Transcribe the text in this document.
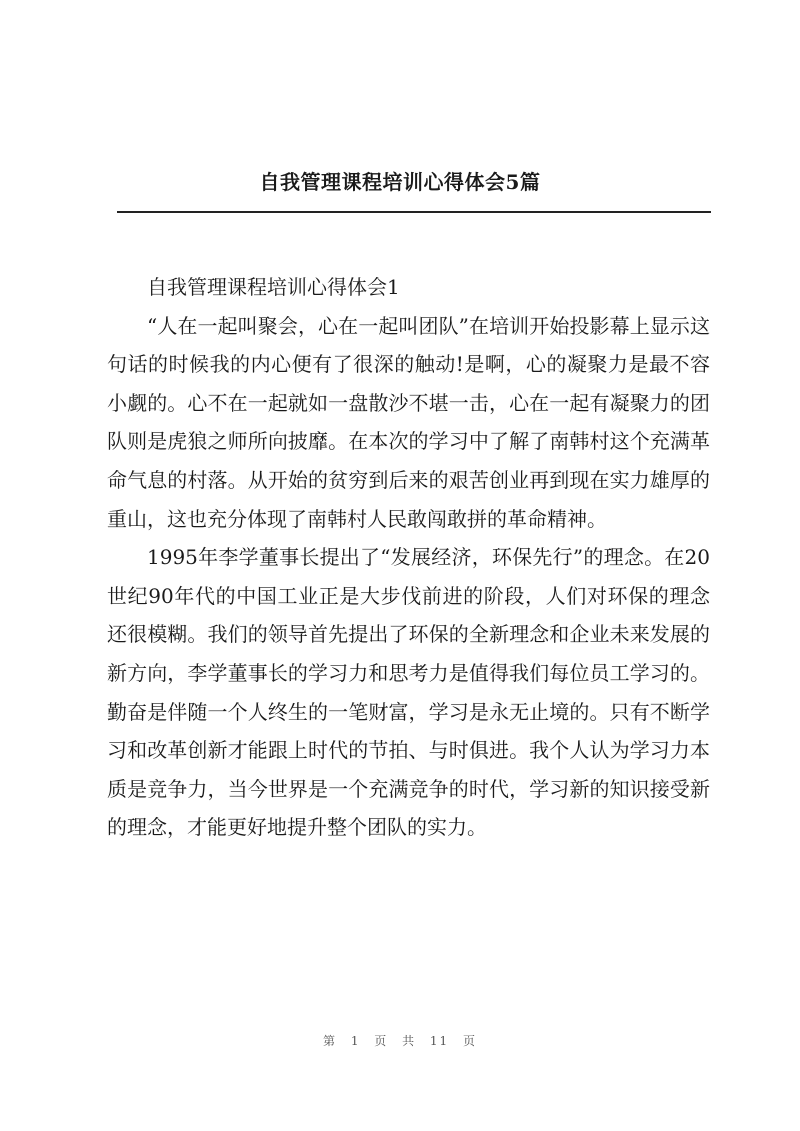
自我管理课程培训心得体会5篇

自我管理课程培训心得体会1

“人在一起叫聚会，心在一起叫团队”在培训开始投影幕上显示这句话的时候我的内心便有了很深的触动!是啊，心的凝聚力是最不容小觑的。心不在一起就如一盘散沙不堪一击，心在一起有凝聚力的团队则是虎狼之师所向披靡。在本次的学习中了解了南韩村这个充满革命气息的村落。从开始的贫穷到后来的艰苦创业再到现在实力雄厚的重山，这也充分体现了南韩村人民敢闯敢拼的革命精神。

1995年李学董事长提出了“发展经济，环保先行”的理念。在20世纪90年代的中国工业正是大步伐前进的阶段，人们对环保的理念还很模糊。我们的领导首先提出了环保的全新理念和企业未来发展的新方向，李学董事长的学习力和思考力是值得我们每位员工学习的。勤奋是伴随一个人终生的一笔财富，学习是永无止境的。只有不断学习和改革创新才能跟上时代的节拍、与时俱进。我个人认为学习力本质是竞争力，当今世界是一个充满竞争的时代，学习新的知识接受新的理念，才能更好地提升整个团队的实力。

第 1 页 共 11 页
